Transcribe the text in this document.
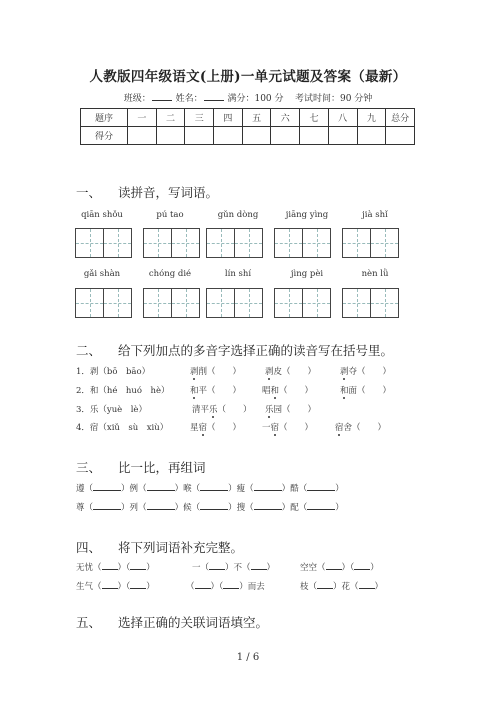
人教版四年级语文(上册)一单元试题及答案（最新）
班级：	姓名：	满分：100 分 考试时间：90 分钟
题序	一	二	三	四	五	六	七	八	九	总分
得分										
一、 读拼音，写词语。
qiān shǒu	pú tao	gǔn dòng	jiāng yìng	jià shǐ
gǎi shàn	chóng dié	lín shí	jìng pèi	nèn lǜ
二、 给下列加点的多音字选择正确的读音写在括号里。
1．剥（bō　bāo）	剥削（　　）	剥皮（　　）	剥夺（　　）
2．和（hé　huó　hè） 和平（　　） 唱和（　　）	和面（　　）
3．乐（yuè　lè）	清平乐（　　） 乐园（　　）
4．宿（xiǔ　sù　xiù）	星宿（　　） 一宿（　　）	宿舍（　　）
三、 比一比，再组词
遵（	）例（	）喉（	）瘦（	）酷（	）
尊（	）列（	）候（	）搜（	）配（	）
四、 将下列词语补充完整。
无忧（ ）（ ）	一（ ）不（ ）	空空（ ）（ ）
生气（ ）（ ）	（ ）（ ）而去	枝（ ）花（ ）
五、 选择正确的关联词语填空。
1 / 6
